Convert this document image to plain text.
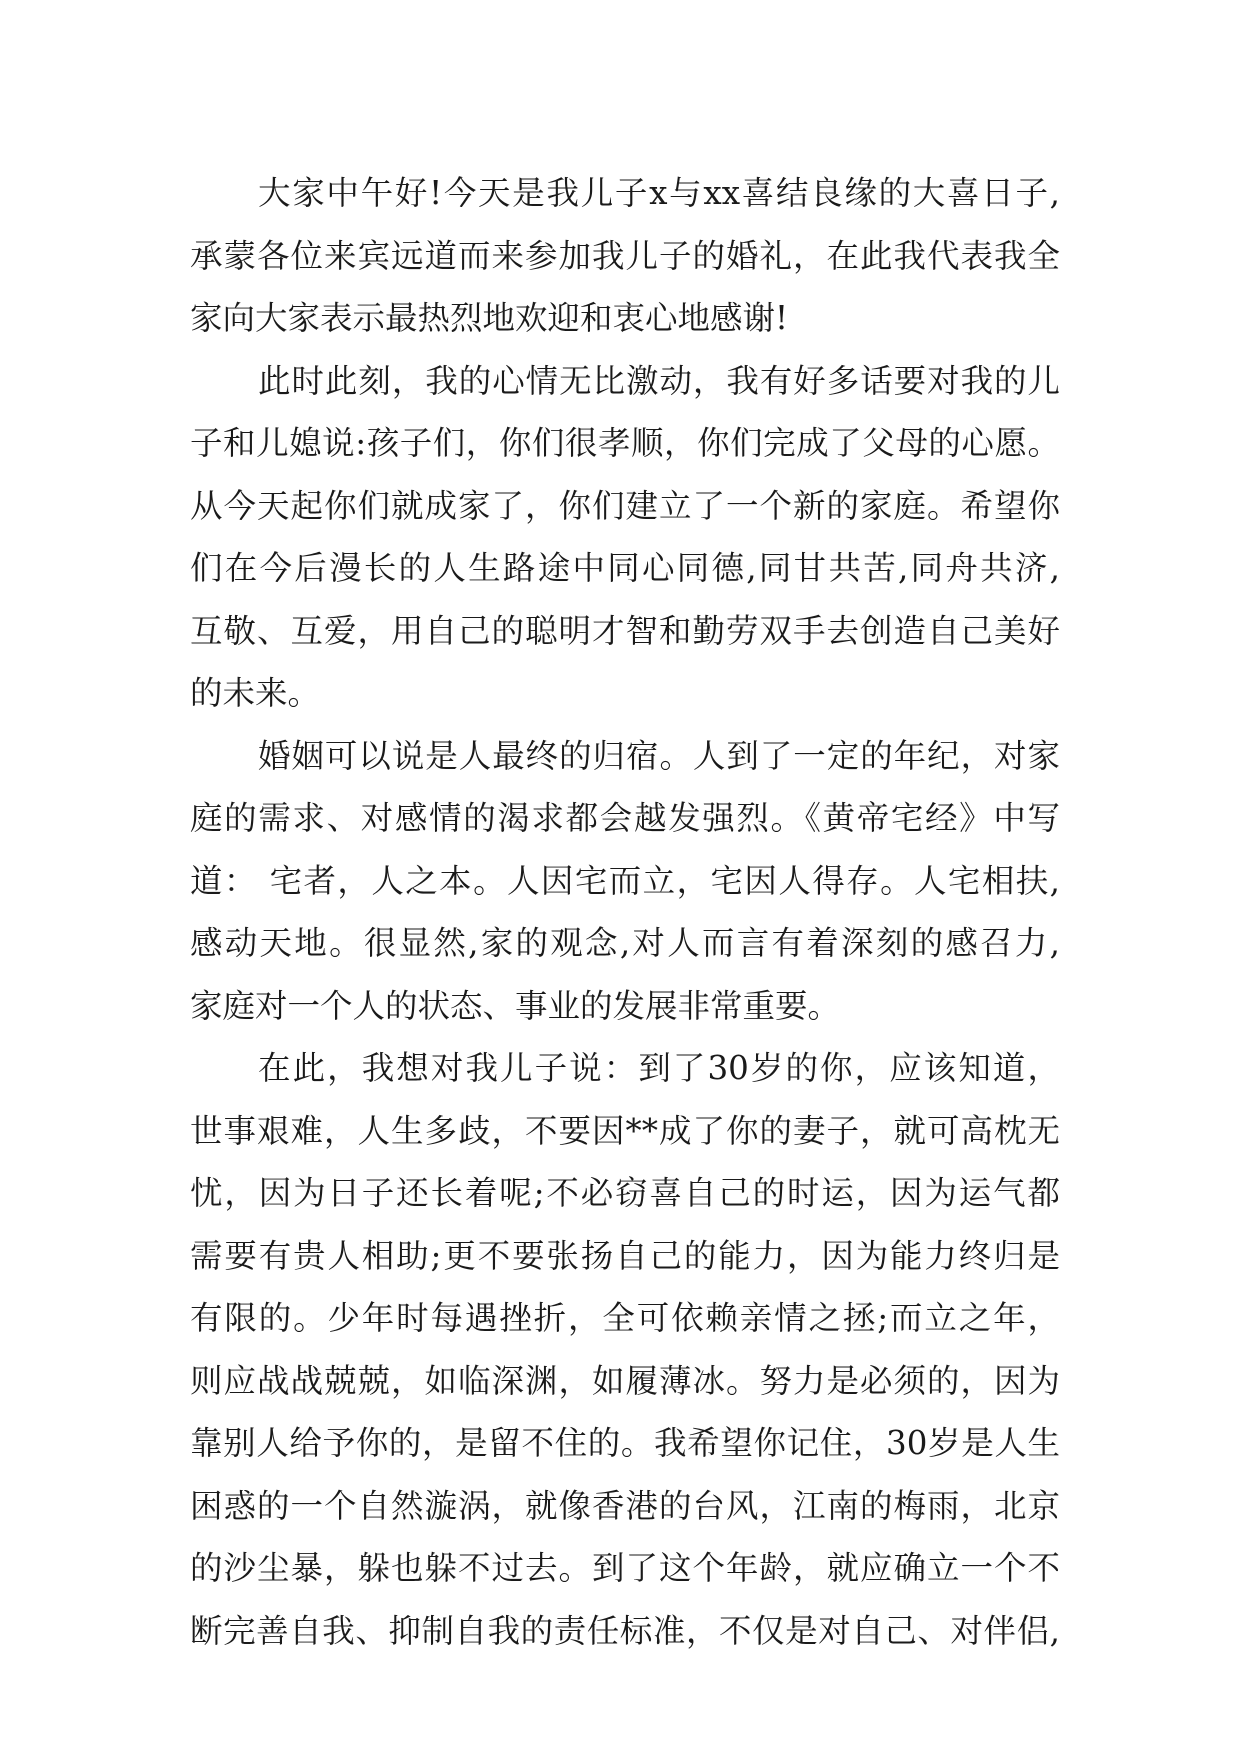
大家中午好!今天是我儿子x与xx喜结良缘的大喜日子,
承蒙各位来宾远道而来参加我儿子的婚礼，在此我代表我全
家向大家表示最热烈地欢迎和衷心地感谢!
此时此刻，我的心情无比激动，我有好多话要对我的儿
子和儿媳说:孩子们，你们很孝顺，你们完成了父母的心愿。
从今天起你们就成家了，你们建立了一个新的家庭。希望你
们在今后漫长的人生路途中同心同德,同甘共苦,同舟共济,
互敬、互爱，用自己的聪明才智和勤劳双手去创造自己美好
的未来。
婚姻可以说是人最终的归宿。人到了一定的年纪，对家
庭的需求、对感情的渴求都会越发强烈。《黄帝宅经》中写
道： 宅者，人之本。人因宅而立，宅因人得存。人宅相扶,
感动天地。很显然,家的观念,对人而言有着深刻的感召力,
家庭对一个人的状态、事业的发展非常重要。
在此，我想对我儿子说：到了30岁的你，应该知道，
世事艰难，人生多歧，不要因**成了你的妻子，就可高枕无
忧，因为日子还长着呢;不必窃喜自己的时运，因为运气都
需要有贵人相助;更不要张扬自己的能力，因为能力终归是
有限的。少年时每遇挫折，全可依赖亲情之拯;而立之年，
则应战战兢兢，如临深渊，如履薄冰。努力是必须的，因为
靠别人给予你的，是留不住的。我希望你记住，30岁是人生
困惑的一个自然漩涡，就像香港的台风，江南的梅雨，北京
的沙尘暴，躲也躲不过去。到了这个年龄，就应确立一个不
断完善自我、抑制自我的责任标准，不仅是对自己、对伴侣,
